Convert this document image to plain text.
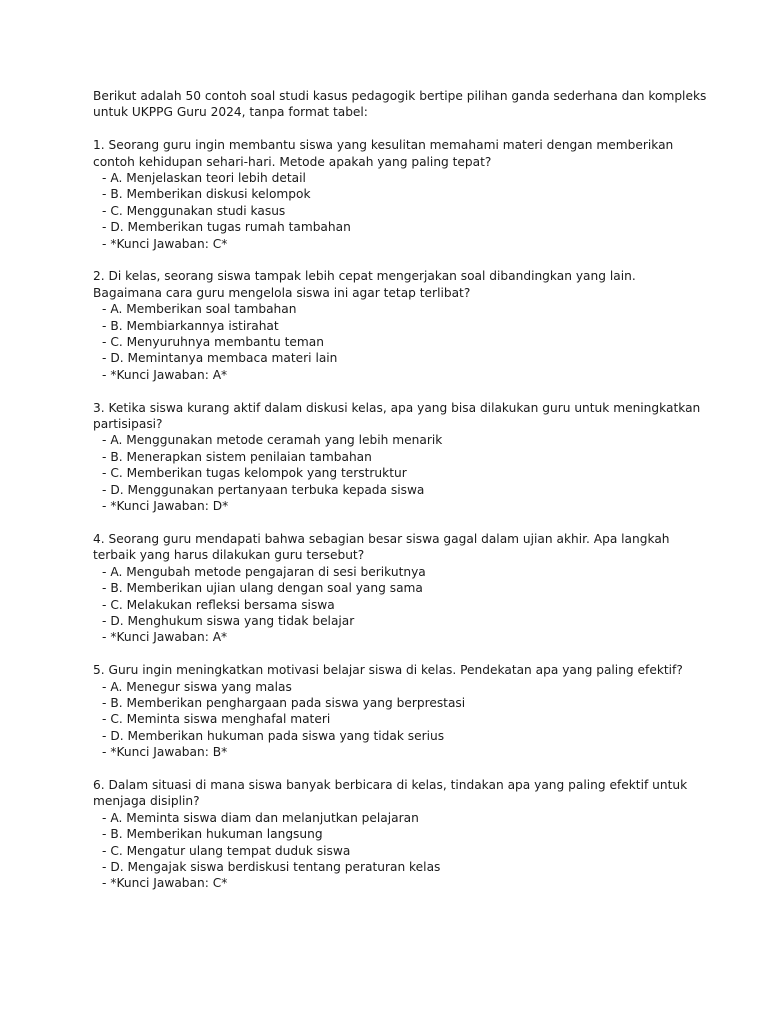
Berikut adalah 50 contoh soal studi kasus pedagogik bertipe pilihan ganda sederhana dan kompleks untuk UKPPG Guru 2024, tanpa format tabel:

1. Seorang guru ingin membantu siswa yang kesulitan memahami materi dengan memberikan contoh kehidupan sehari-hari. Metode apakah yang paling tepat?

- A. Menjelaskan teori lebih detail
- B. Memberikan diskusi kelompok
- C. Menggunakan studi kasus
- D. Memberikan tugas rumah tambahan
- *Kunci Jawaban: C*

2. Di kelas, seorang siswa tampak lebih cepat mengerjakan soal dibandingkan yang lain. Bagaimana cara guru mengelola siswa ini agar tetap terlibat?

- A. Memberikan soal tambahan
- B. Membiarkannya istirahat
- C. Menyuruhnya membantu teman
- D. Memintanya membaca materi lain
- *Kunci Jawaban: A*

3. Ketika siswa kurang aktif dalam diskusi kelas, apa yang bisa dilakukan guru untuk meningkatkan partisipasi?

- A. Menggunakan metode ceramah yang lebih menarik
- B. Menerapkan sistem penilaian tambahan
- C. Memberikan tugas kelompok yang terstruktur
- D. Menggunakan pertanyaan terbuka kepada siswa
- *Kunci Jawaban: D*

4. Seorang guru mendapati bahwa sebagian besar siswa gagal dalam ujian akhir. Apa langkah terbaik yang harus dilakukan guru tersebut?

- A. Mengubah metode pengajaran di sesi berikutnya
- B. Memberikan ujian ulang dengan soal yang sama
- C. Melakukan refleksi bersama siswa
- D. Menghukum siswa yang tidak belajar
- *Kunci Jawaban: A*

5. Guru ingin meningkatkan motivasi belajar siswa di kelas. Pendekatan apa yang paling efektif?

- A. Menegur siswa yang malas
- B. Memberikan penghargaan pada siswa yang berprestasi
- C. Meminta siswa menghafal materi
- D. Memberikan hukuman pada siswa yang tidak serius
- *Kunci Jawaban: B*

6. Dalam situasi di mana siswa banyak berbicara di kelas, tindakan apa yang paling efektif untuk menjaga disiplin?

- A. Meminta siswa diam dan melanjutkan pelajaran
- B. Memberikan hukuman langsung
- C. Mengatur ulang tempat duduk siswa
- D. Mengajak siswa berdiskusi tentang peraturan kelas
- *Kunci Jawaban: C*
